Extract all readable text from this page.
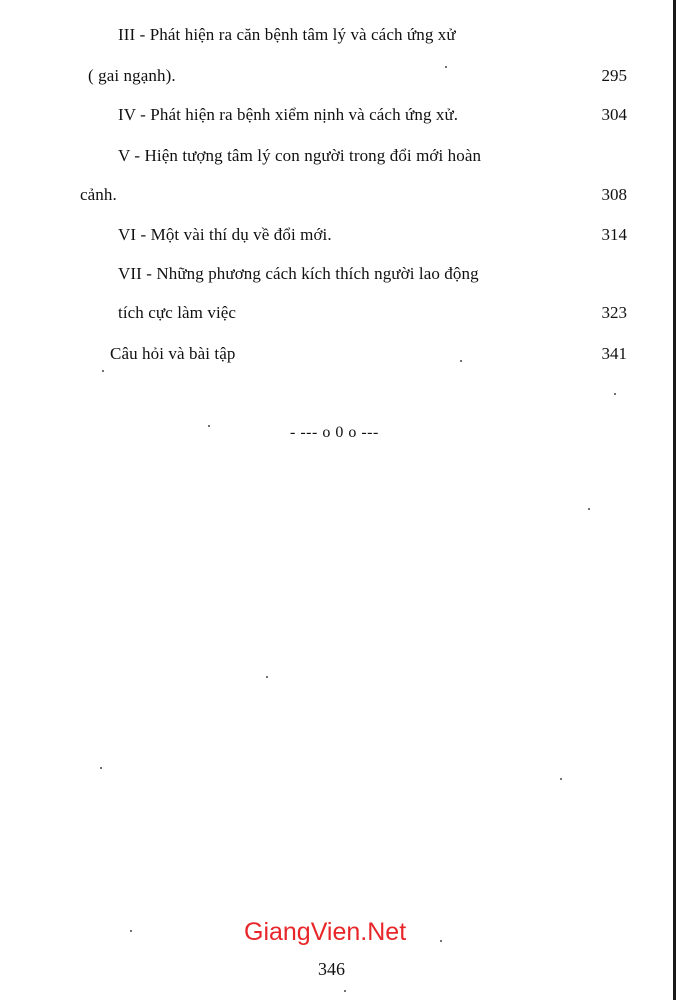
III - Phát hiện ra căn bệnh tâm lý và cách ứng xử
( gai ngạnh).	295
IV - Phát hiện ra bệnh xiểm nịnh và cách ứng xử.	304
V - Hiện tượng tâm lý con người trong đổi mới hoàn
cảnh.	308
VI - Một vài thí dụ về đổi mới.	314
VII - Những phương cách kích thích người lao động
tích cực làm việc	323
Câu hỏi và bài tập	341
- --- o 0 o ---
GiangVien.Net
346
